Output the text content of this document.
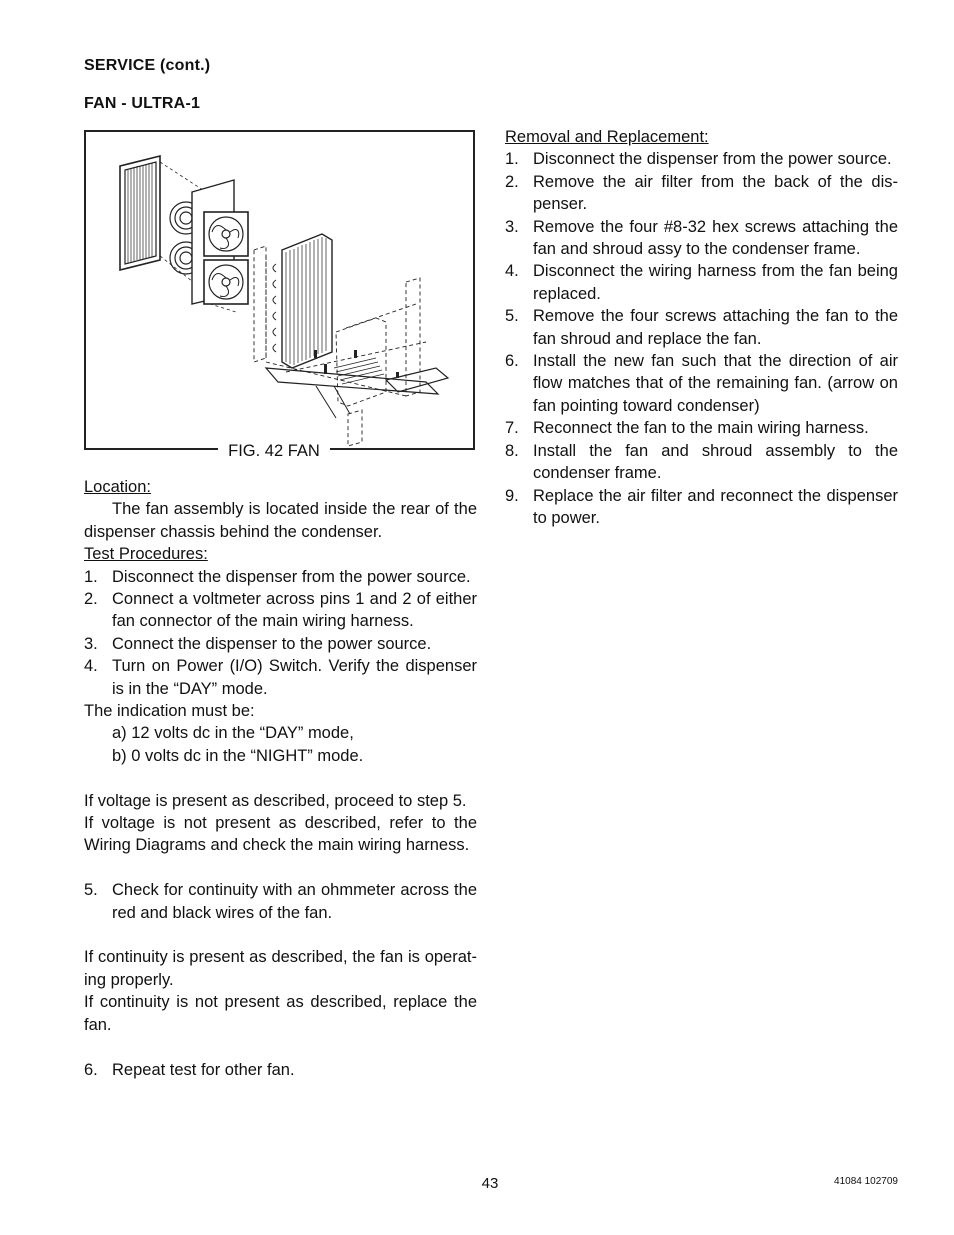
SERVICE (cont.)
FAN - ULTRA-1
FIG. 42 FAN

Location:

The fan assembly is located inside the rear of the dispenser chassis behind the condenser.

Test Procedures:

1. Disconnect the dispenser from the power source.
2. Connect a voltmeter across pins 1 and 2 of either fan connector of the main wiring harness.
3. Connect the dispenser to the power source.
4. Turn on Power (I/O) Switch. Verify the dispenser is in the “DAY” mode.

The indication must be:

a) 12 volts dc in the “DAY” mode,

b) 0 volts dc in the “NIGHT” mode.

If voltage is present as described, proceed to step 5.

If voltage is not present as described, refer to the Wiring Diagrams and check the main wiring harness.

5. Check for continuity with an ohmmeter across the red and black wires of the fan.

If continuity is present as described, the fan is operat-ing properly.

If continuity is not present as described, replace the fan.

6. Repeat test for other fan.

Removal and Replacement:

1. Disconnect the dispenser from the power source.
2. Remove the air filter from the back of the dis-penser.
3. Remove the four #8-32 hex screws attaching the fan and shroud assy to the condenser frame.
4. Disconnect the wiring harness from the fan being replaced.
5. Remove the four screws attaching the fan to the fan shroud and replace the fan.
6. Install the new fan such that the direction of air flow matches that of the remaining fan. (arrow on fan pointing toward condenser)
7. Reconnect the fan to the main wiring harness.
8. Install the fan and shroud assembly to the condenser frame.
9. Replace the air filter and reconnect the dispenser to power.
43	41084 102709
